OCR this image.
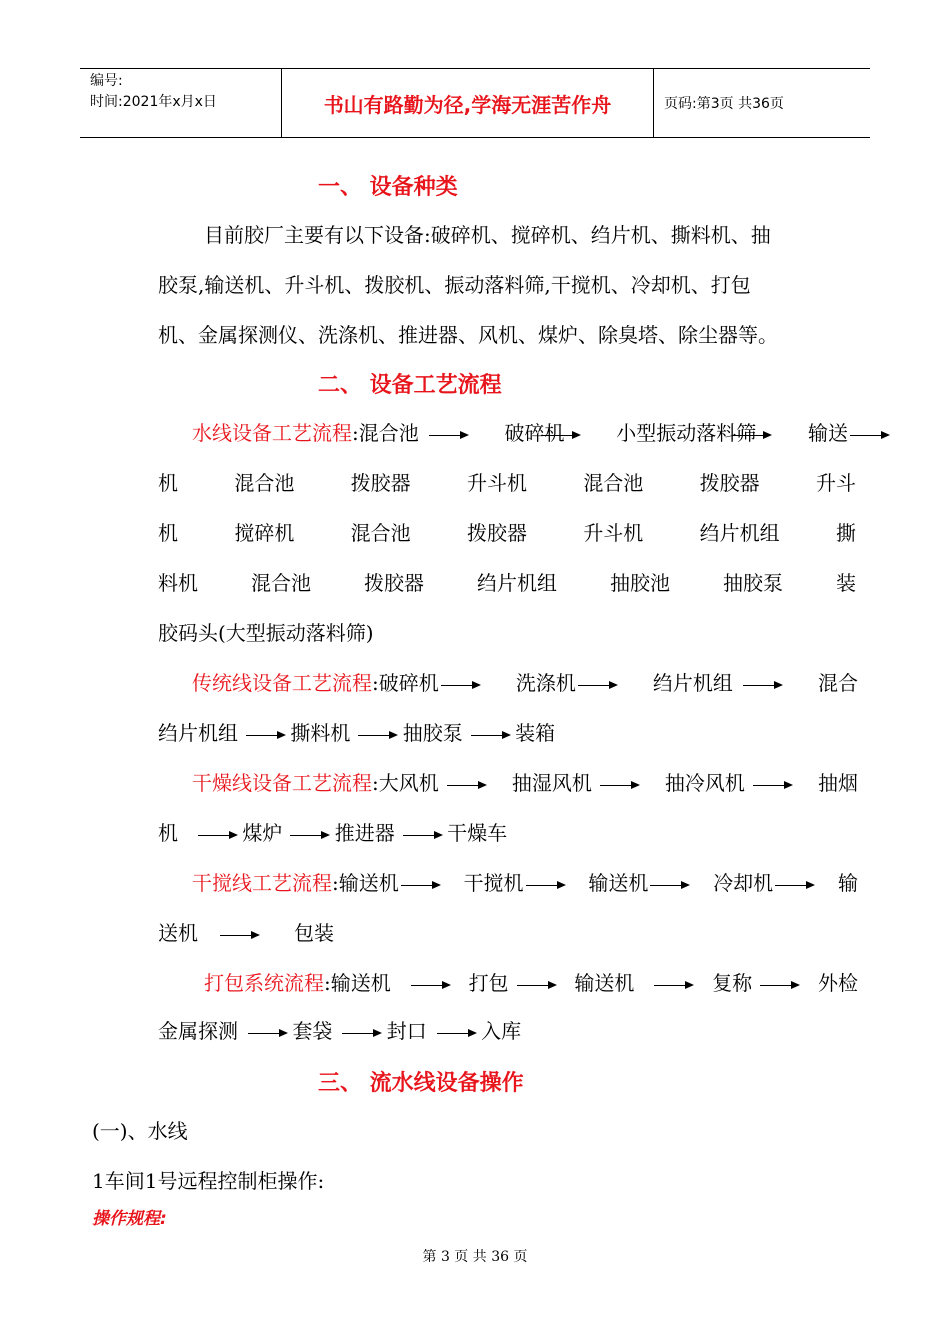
编号:
时间:2021年x月x日	书山有路勤为径,学海无涯苦作舟	页码:第3页 共36页
一、 设备种类
目前胶厂主要有以下设备:破碎机、搅碎机、绉片机、撕料机、抽
胶泵,输送机、升斗机、拨胶机、振动落料筛,干搅机、冷却机、打包
机、金属探测仪、洗涤机、推进器、风机、煤炉、除臭塔、除尘器等。
二、 设备工艺流程
水线设备工艺流程:混合池	破碎机	小型振动落料筛	输送
机	混合池	拨胶器	升斗机	混合池	拨胶器	升斗
机	搅碎机	混合池	拨胶器	升斗机	绉片机组	撕
料机	混合池	拨胶器	绉片机组	抽胶池	抽胶泵	装
胶码头(大型振动落料筛)
传统线设备工艺流程:破碎机	洗涤机	绉片机组	混合
绉片机组	撕料机	抽胶泵	装箱
干燥线设备工艺流程:大风机	抽湿风机	抽冷风机	抽烟
机	煤炉	推进器	干燥车
干搅线工艺流程:输送机	干搅机	输送机	冷却机	输
送机	包装
打包系统流程:输送机	打包	输送机	复称	外检
金属探测	套袋	封口	入库
三、 流水线设备操作
(一)、水线
1车间1号远程控制柜操作:
操作规程:
第 3 页 共 36 页
